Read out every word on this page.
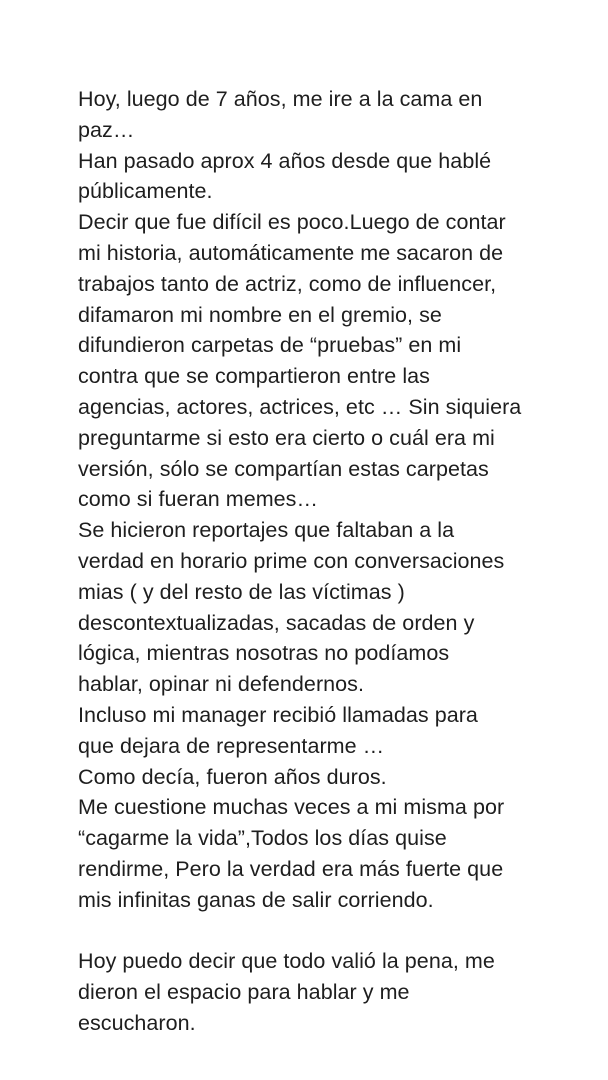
Hoy, luego de 7 años, me ire a la cama en
paz…
Han pasado aprox 4 años desde que hablé
públicamente.
Decir que fue difícil es poco.Luego de contar
mi historia, automáticamente me sacaron de
trabajos tanto de actriz, como de influencer,
difamaron mi nombre en el gremio, se
difundieron carpetas de “pruebas” en mi
contra que se compartieron entre las
agencias, actores, actrices, etc … Sin siquiera
preguntarme si esto era cierto o cuál era mi
versión, sólo se compartían estas carpetas
como si fueran memes…
Se hicieron reportajes que faltaban a la
verdad en horario prime con conversaciones
mias ( y del resto de las víctimas )
descontextualizadas, sacadas de orden y
lógica, mientras nosotras no podíamos
hablar, opinar ni defendernos.
Incluso mi manager recibió llamadas para
que dejara de representarme …
Como decía, fueron años duros.
Me cuestione muchas veces a mi misma por
“cagarme la vida”,Todos los días quise
rendirme, Pero la verdad era más fuerte que
mis infinitas ganas de salir corriendo.
Hoy puedo decir que todo valió la pena, me
dieron el espacio para hablar y me
escucharon.
